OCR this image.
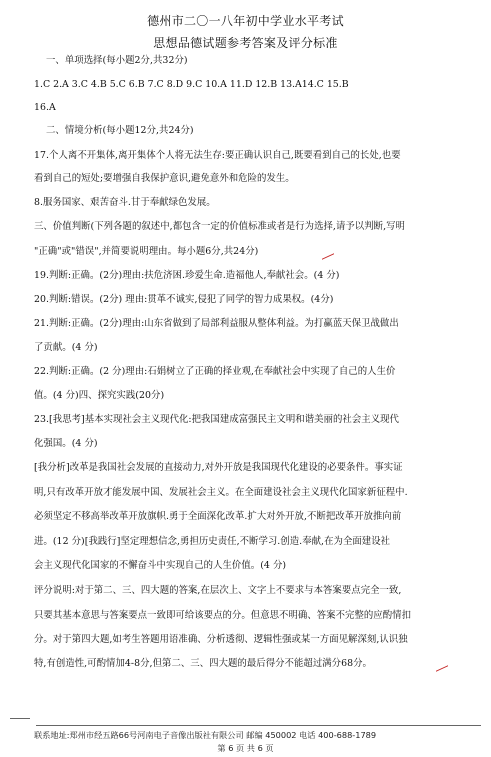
德州市二〇一八年初中学业水平考试
思想品德试题参考答案及评分标准
一、单项选择(每小题2分,共32分)
1.C 2.A 3.C 4.B 5.C 6.B 7.C 8.D 9.C 10.A 11.D 12.B 13.A14.C 15.B
16.A
二、情境分析(每小题12分,共24分)
17.个人离不开集体,离开集体个人将无法生存:要正确认识自己,既要看到自己的长处,也要
看到自己的短处;要增强自我保护意识,避免意外和危险的发生。
8.服务国家、艰苦奋斗.甘于奉献绿色发展。
三、价值判断(下列各题的叙述中,都包含一定的价值标准或者是行为选择,请予以判断,写明
"正确"或"错误",并简要说明理由。每小题6分,共24分)
19.判断:正确。(2分)理由:扶危济困.珍爱生命.造福他人,奉献社会。(4 分)
20.判断:错误。(2分) 理由:贯革不诚实,侵犯了同学的智力成果权。(4分)
21.判断:正确。(2分)理由:山东省做到了局部利益服从整体利益。为打赢蓝天保卫战做出
了贡献。(4 分)
22.判断:正确。(2 分)理由:石娟树立了正确的择业观,在奉献社会中实现了自己的人生价
值。(4 分)四、探究实践(20分)
23.[我思考]基本实现社会主义现代化:把我国建成富强民主文明和谐美丽的社会主义现代
化强国。(4 分)
[我分析]改革是我国社会发展的直接动力,对外开放是我国现代化建设的必要条件。事实证
明,只有改革开放才能发展中国、发展社会主义。在全面建设社会主义现代化国家新征程中.
必须坚定不移高举改革开放旗帜.勇于全面深化改革.扩大对外开放,不断把改革开放推向前
进。(12 分)[我践行]坚定理想信念,勇担历史责任,不断学习.创造.奉献,在为全面建设社
会主义现代化国家的不懈奋斗中实现自己的人生价值。(4 分)
评分说明:对于第二、三、四大题的答案,在层次上、文字上不要求与本答案要点完全一致,
只要其基本意思与答案要点一致即可给该要点的分。但意思不明确、答案不完整的应酌情扣
分。对于第四大题,如考生答题用语准确、分析透彻、逻辑性强或某一方面见解深刻,认识独
特,有创造性,可酌情加4-8分,但第二、三、四大题的最后得分不能超过满分68分。
联系地址:郑州市经五路66号河南电子音像出版社有限公司 邮编 450002 电话 400-688-1789
第 6 页 共 6 页
